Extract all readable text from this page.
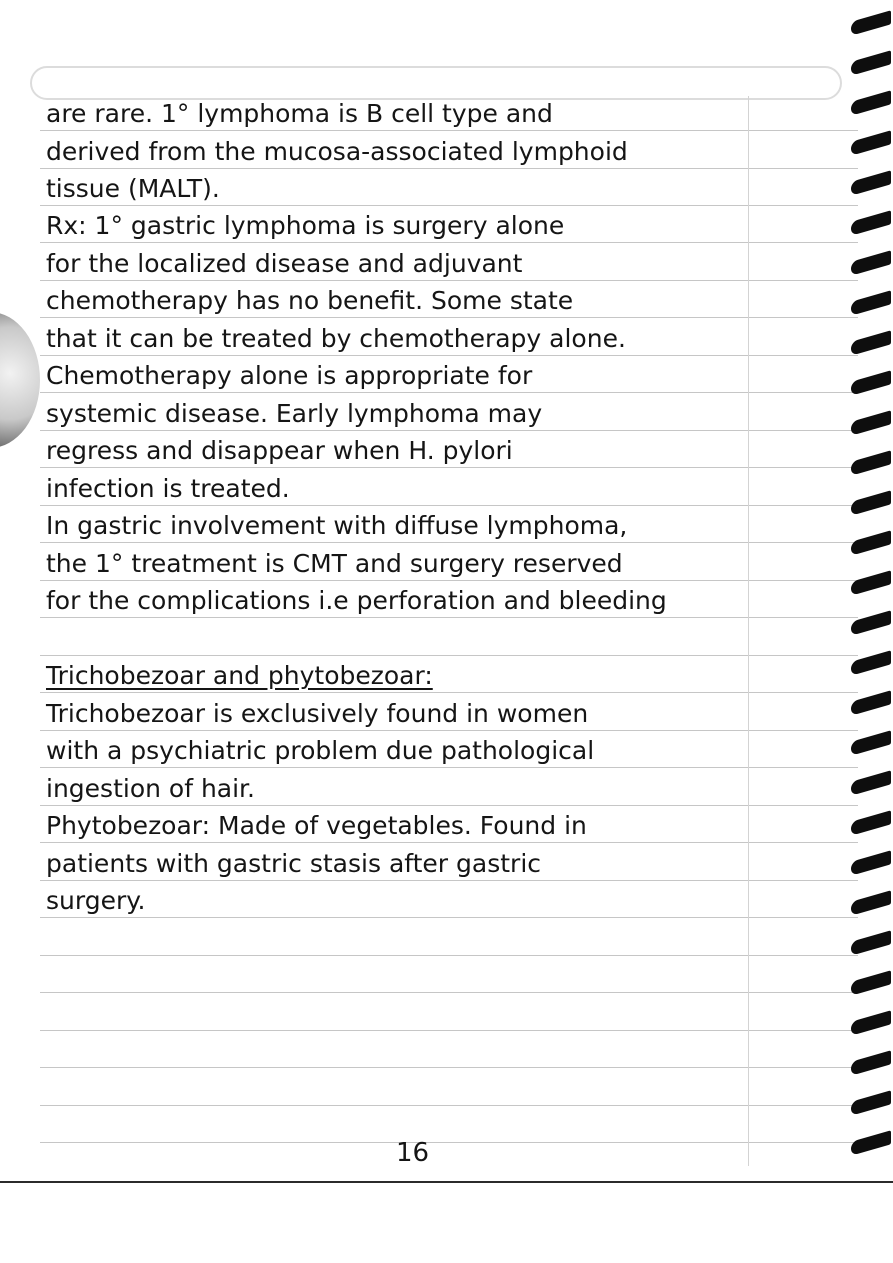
are rare. 1° lymphoma is B cell type and

derived from the mucosa-associated lymphoid

tissue (MALT).

Rx: 1° gastric lymphoma is surgery alone

for the localized disease and adjuvant

chemotherapy has no benefit. Some state

that it can be treated by chemotherapy alone.

Chemotherapy alone is appropriate for

systemic disease. Early lymphoma may

regress and disappear when H. pylori

infection is treated.

In gastric involvement with diffuse lymphoma,

the 1° treatment is CMT and surgery reserved

for the complications i.e perforation and bleeding

Trichobezoar and phytobezoar:

Trichobezoar is exclusively found in women

with a psychiatric problem due pathological

ingestion of hair.

Phytobezoar: Made of vegetables. Found in

patients with gastric stasis after gastric

surgery.

16
